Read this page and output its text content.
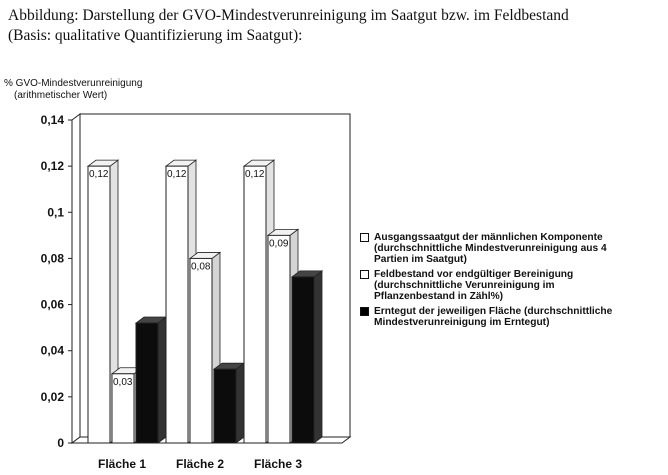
Abbildung: Darstellung der GVO-Mindestverunreinigung im Saatgut bzw. im Feldbestand
(Basis: qualitative Quantifizierung im Saatgut):
% GVO-Mindestverunreinigung
(arithmetischer Wert)
0
0,02
0,04
0,06
0,08
0,1
0,12
0,14
0,12
0,03
Fläche 1
0,12
0,08
Fläche 2
0,12
0,09
Fläche 3
Ausgangssaatgut der männlichen Komponente
(durchschnittliche Mindestverunreinigung aus 4
Partien im Saatgut)
Feldbestand vor endgültiger Bereinigung
(durchschnittliche Verunreinigung im
Pflanzenbestand in Zähl%)
Erntegut der jeweiligen Fläche (durchschnittliche
Mindestverunreinigung im Erntegut)
